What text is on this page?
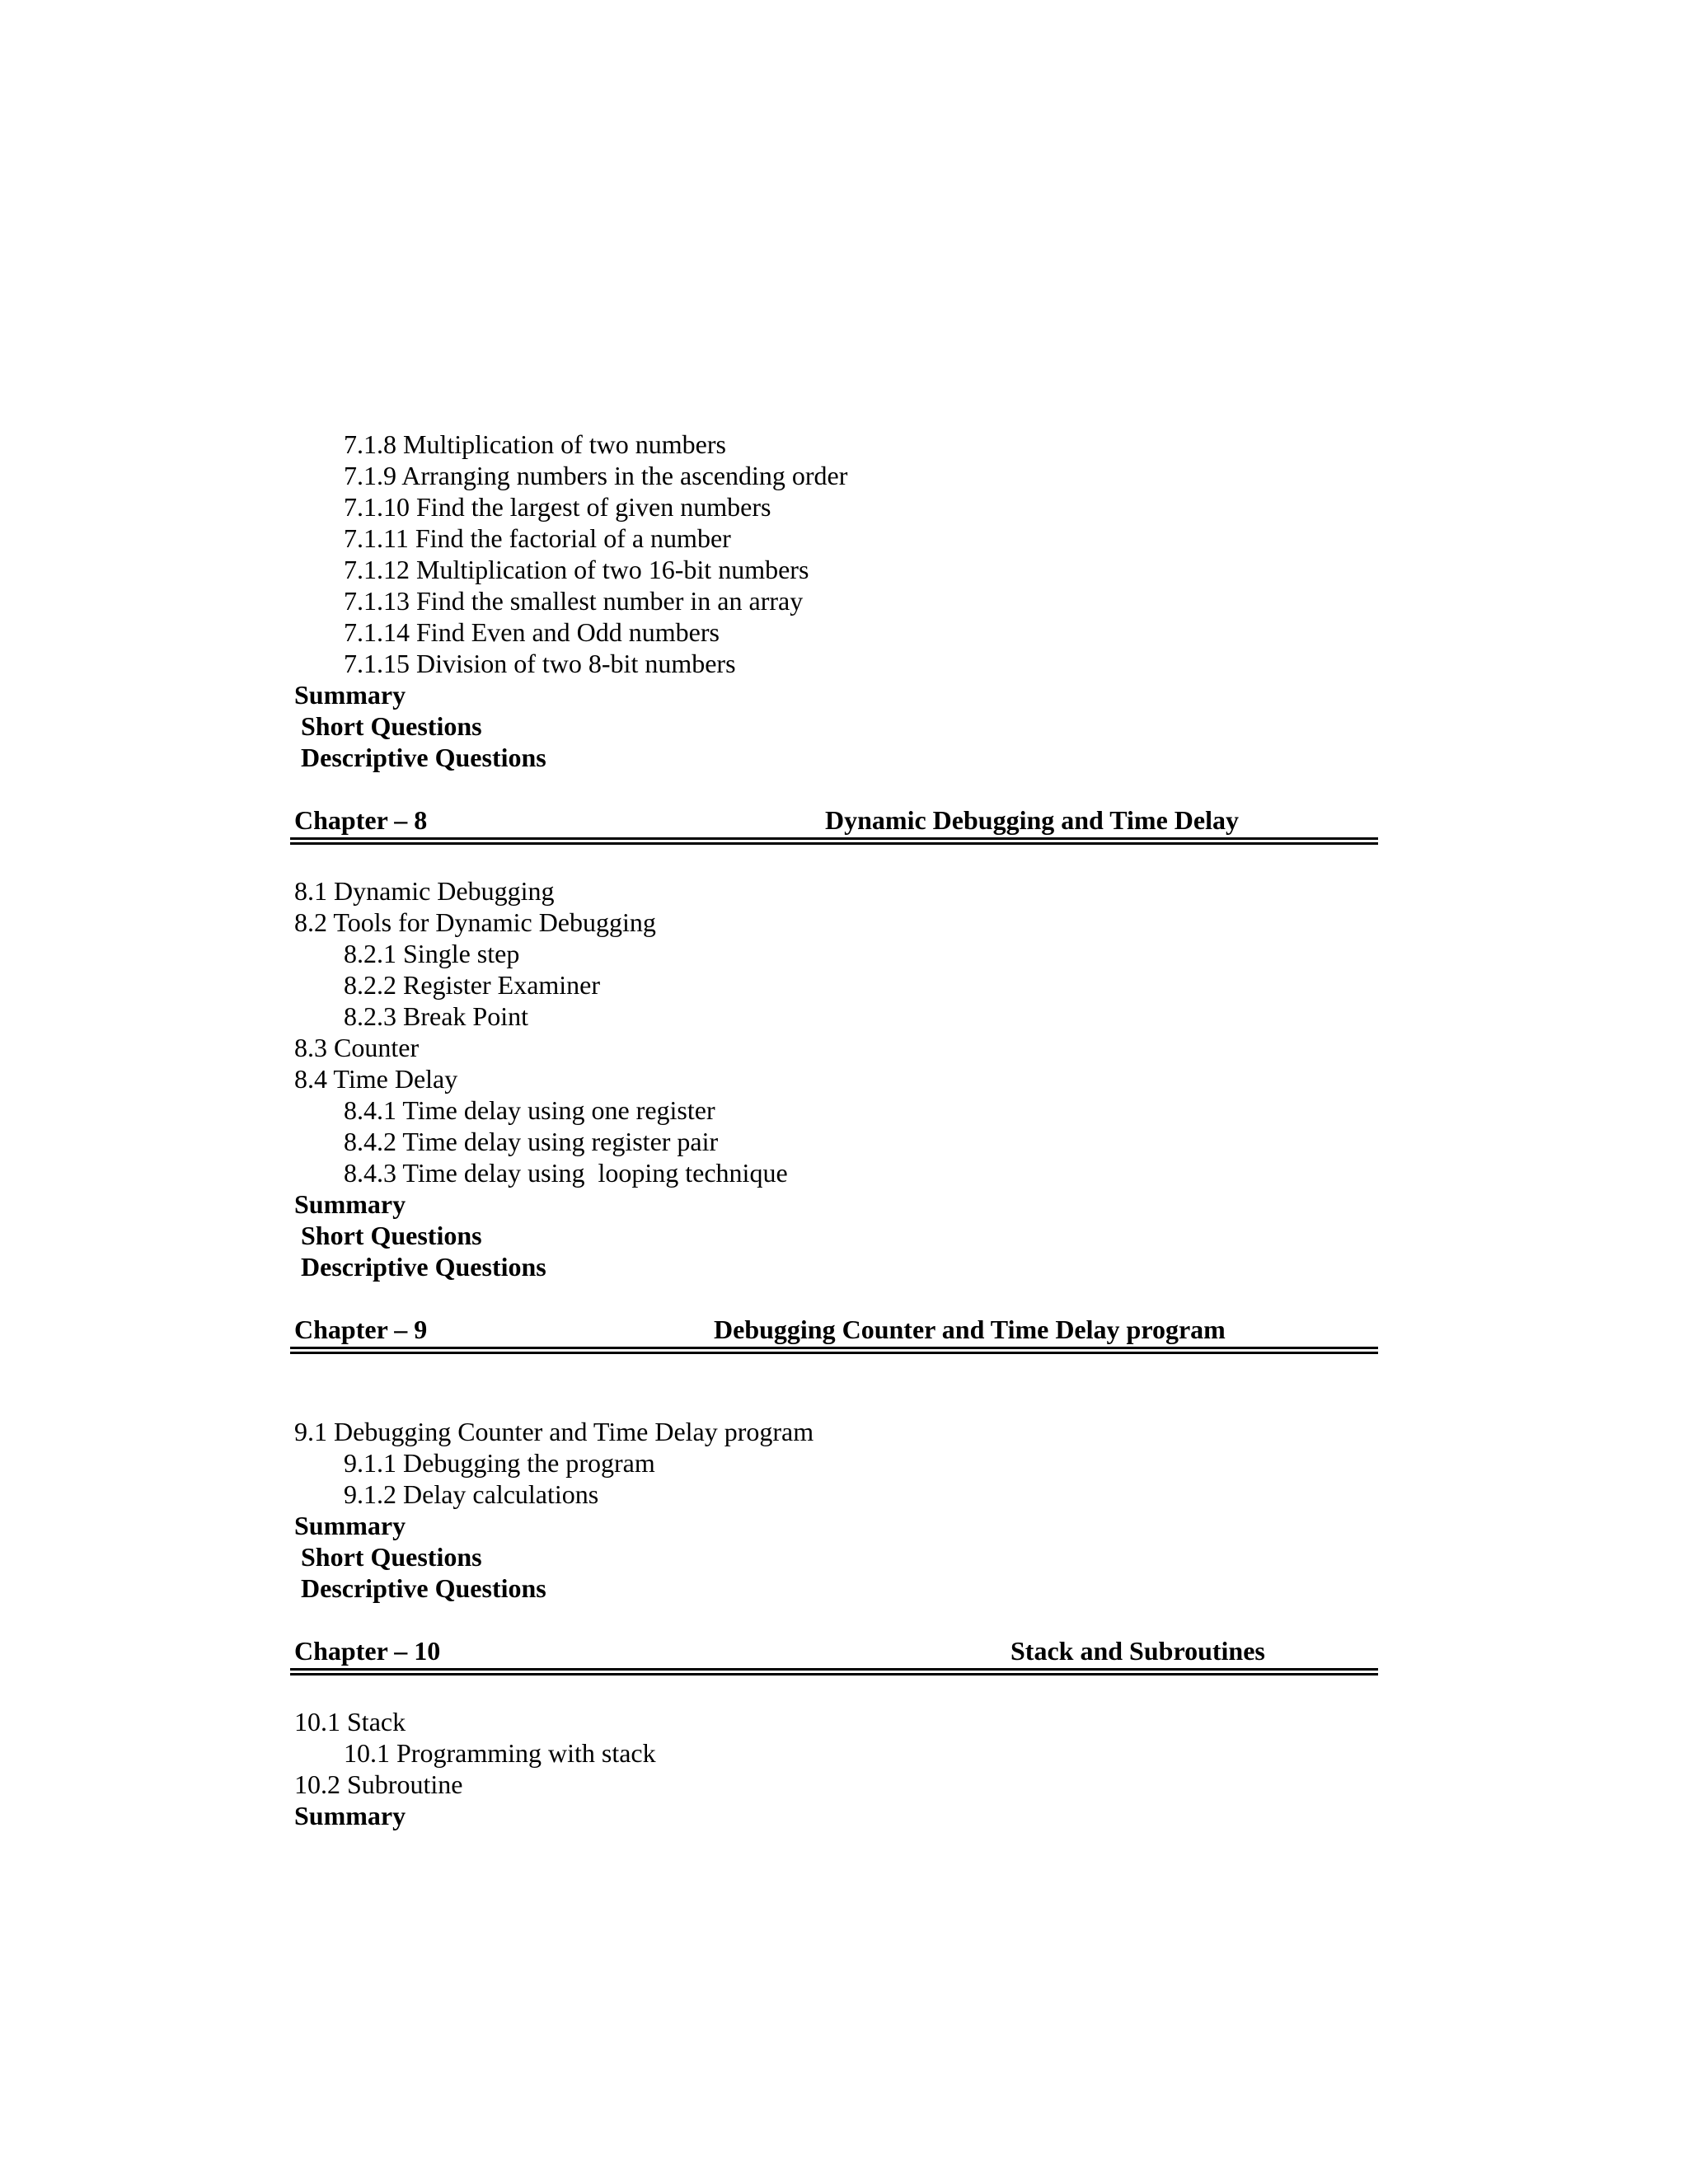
7.1.8 Multiplication of two numbers
7.1.9 Arranging numbers in the ascending order
7.1.10 Find the largest of given numbers
7.1.11 Find the factorial of a number
7.1.12 Multiplication of two 16-bit numbers
7.1.13 Find the smallest number in an array
7.1.14 Find Even and Odd numbers
7.1.15 Division of two 8-bit numbers
Summary
Short Questions
Descriptive Questions
Chapter – 8	Dynamic Debugging and Time Delay
8.1 Dynamic Debugging
8.2 Tools for Dynamic Debugging
8.2.1 Single step
8.2.2 Register Examiner
8.2.3 Break Point
8.3 Counter
8.4 Time Delay
8.4.1 Time delay using one register
8.4.2 Time delay using register pair
8.4.3 Time delay using  looping technique
Summary
Short Questions
Descriptive Questions
Chapter – 9	Debugging Counter and Time Delay program
9.1 Debugging Counter and Time Delay program
9.1.1 Debugging the program
9.1.2 Delay calculations
Summary
Short Questions
Descriptive Questions
Chapter – 10	Stack and Subroutines
10.1 Stack
10.1 Programming with stack
10.2 Subroutine
Summary
